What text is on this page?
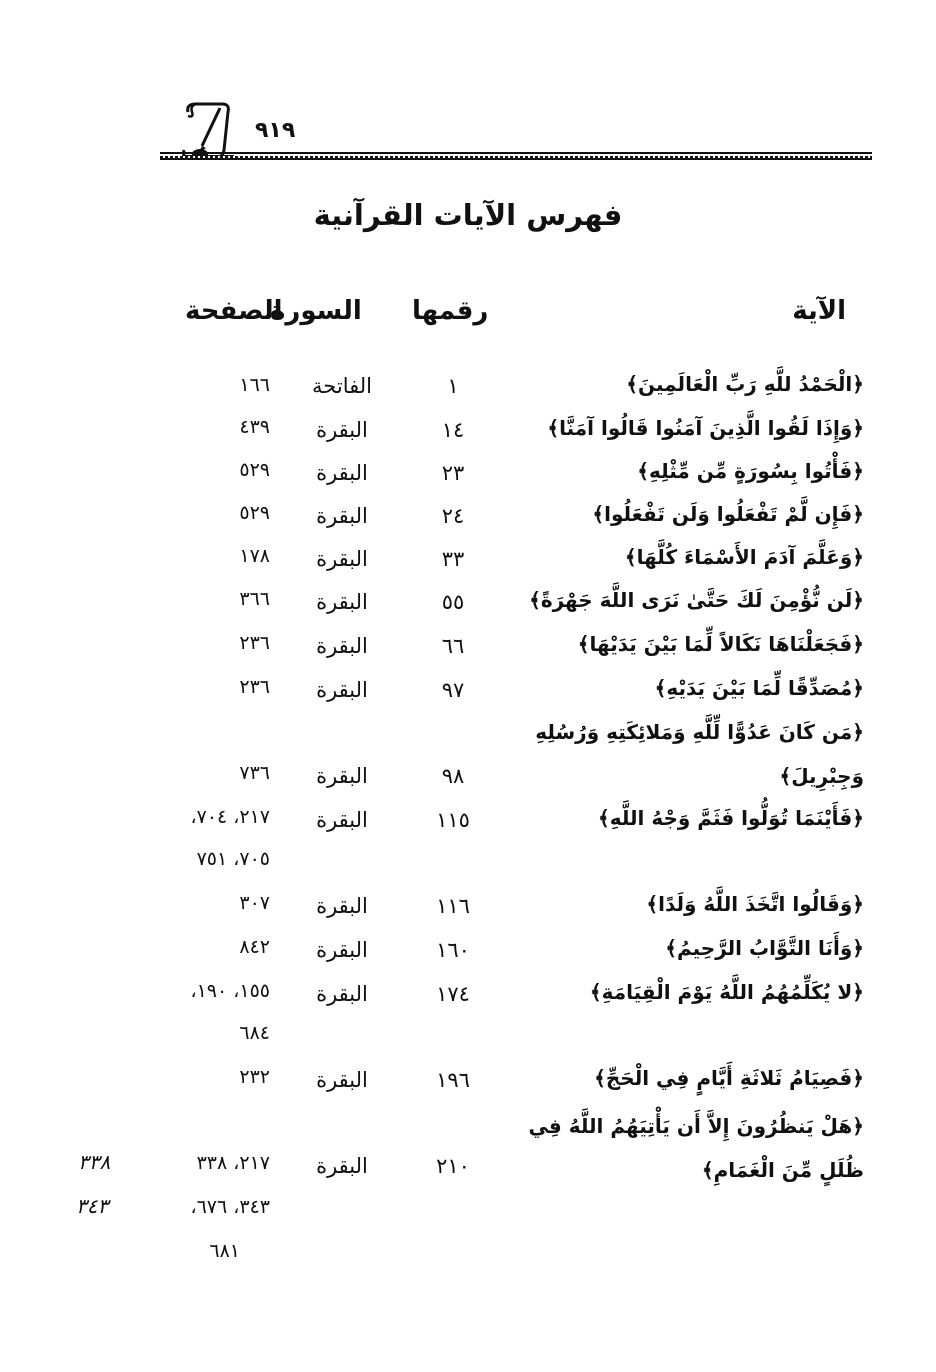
٩١٩
فهرس الآيات القرآنية
الآية
رقمها
السورة
الصفحة
﴿الْحَمْدُ للَّهِ رَبِّ الْعَالَمِينَ﴾
١
الفاتحة
١٦٦
﴿وَإِذَا لَقُوا الَّذِينَ آمَنُوا قَالُوا آمَنَّا﴾
١٤
البقرة
٤٣٩
﴿فَأْتُوا بِسُورَةٍ مِّن مِّثْلِهِ﴾
٢٣
البقرة
٥٢٩
﴿فَإِن لَّمْ تَفْعَلُوا وَلَن تَفْعَلُوا﴾
٢٤
البقرة
٥٢٩
﴿وَعَلَّمَ آدَمَ الأَسْمَاءَ كُلَّهَا﴾
٣٣
البقرة
١٧٨
﴿لَن نُّؤْمِنَ لَكَ حَتَّىٰ نَرَى اللَّهَ جَهْرَةً﴾
٥٥
البقرة
٣٦٦
﴿فَجَعَلْنَاهَا نَكَالاً لِّمَا بَيْنَ يَدَيْهَا﴾
٦٦
البقرة
٢٣٦
﴿مُصَدِّقًا لِّمَا بَيْنَ يَدَيْهِ﴾
٩٧
البقرة
٢٣٦
﴿مَن كَانَ عَدُوًّا لِّلَّهِ وَمَلائِكَتِهِ وَرُسُلِهِ وَجِبْرِيلَ﴾
٩٨
البقرة
٧٣٦
﴿فَأَيْنَمَا تُوَلُّوا فَثَمَّ وَجْهُ اللَّهِ﴾
١١٥
البقرة
٢١٧، ٧٠٤،
٧٠٥، ٧٥١
﴿وَقَالُوا اتَّخَذَ اللَّهُ وَلَدًا﴾
١١٦
البقرة
٣٠٧
﴿وَأَنَا التَّوَّابُ الرَّحِيمُ﴾
١٦٠
البقرة
٨٤٢
﴿لا يُكَلِّمُهُمُ اللَّهُ يَوْمَ الْقِيَامَةِ﴾
١٧٤
البقرة
١٥٥، ١٩٠،
٦٨٤
﴿فَصِيَامُ ثَلاثَةِ أَيَّامٍ فِي الْحَجِّ﴾
١٩٦
البقرة
٢٣٢
﴿هَلْ يَنظُرُونَ إِلاَّ أَن يَأْتِيَهُمُ اللَّهُ فِي ظُلَلٍ مِّنَ الْغَمَامِ﴾
٢١٠
البقرة
٢١٧، ٣٣٨
٣٤٣، ٦٧٦،
٦٨١
٣٣٨
٣٤٣
